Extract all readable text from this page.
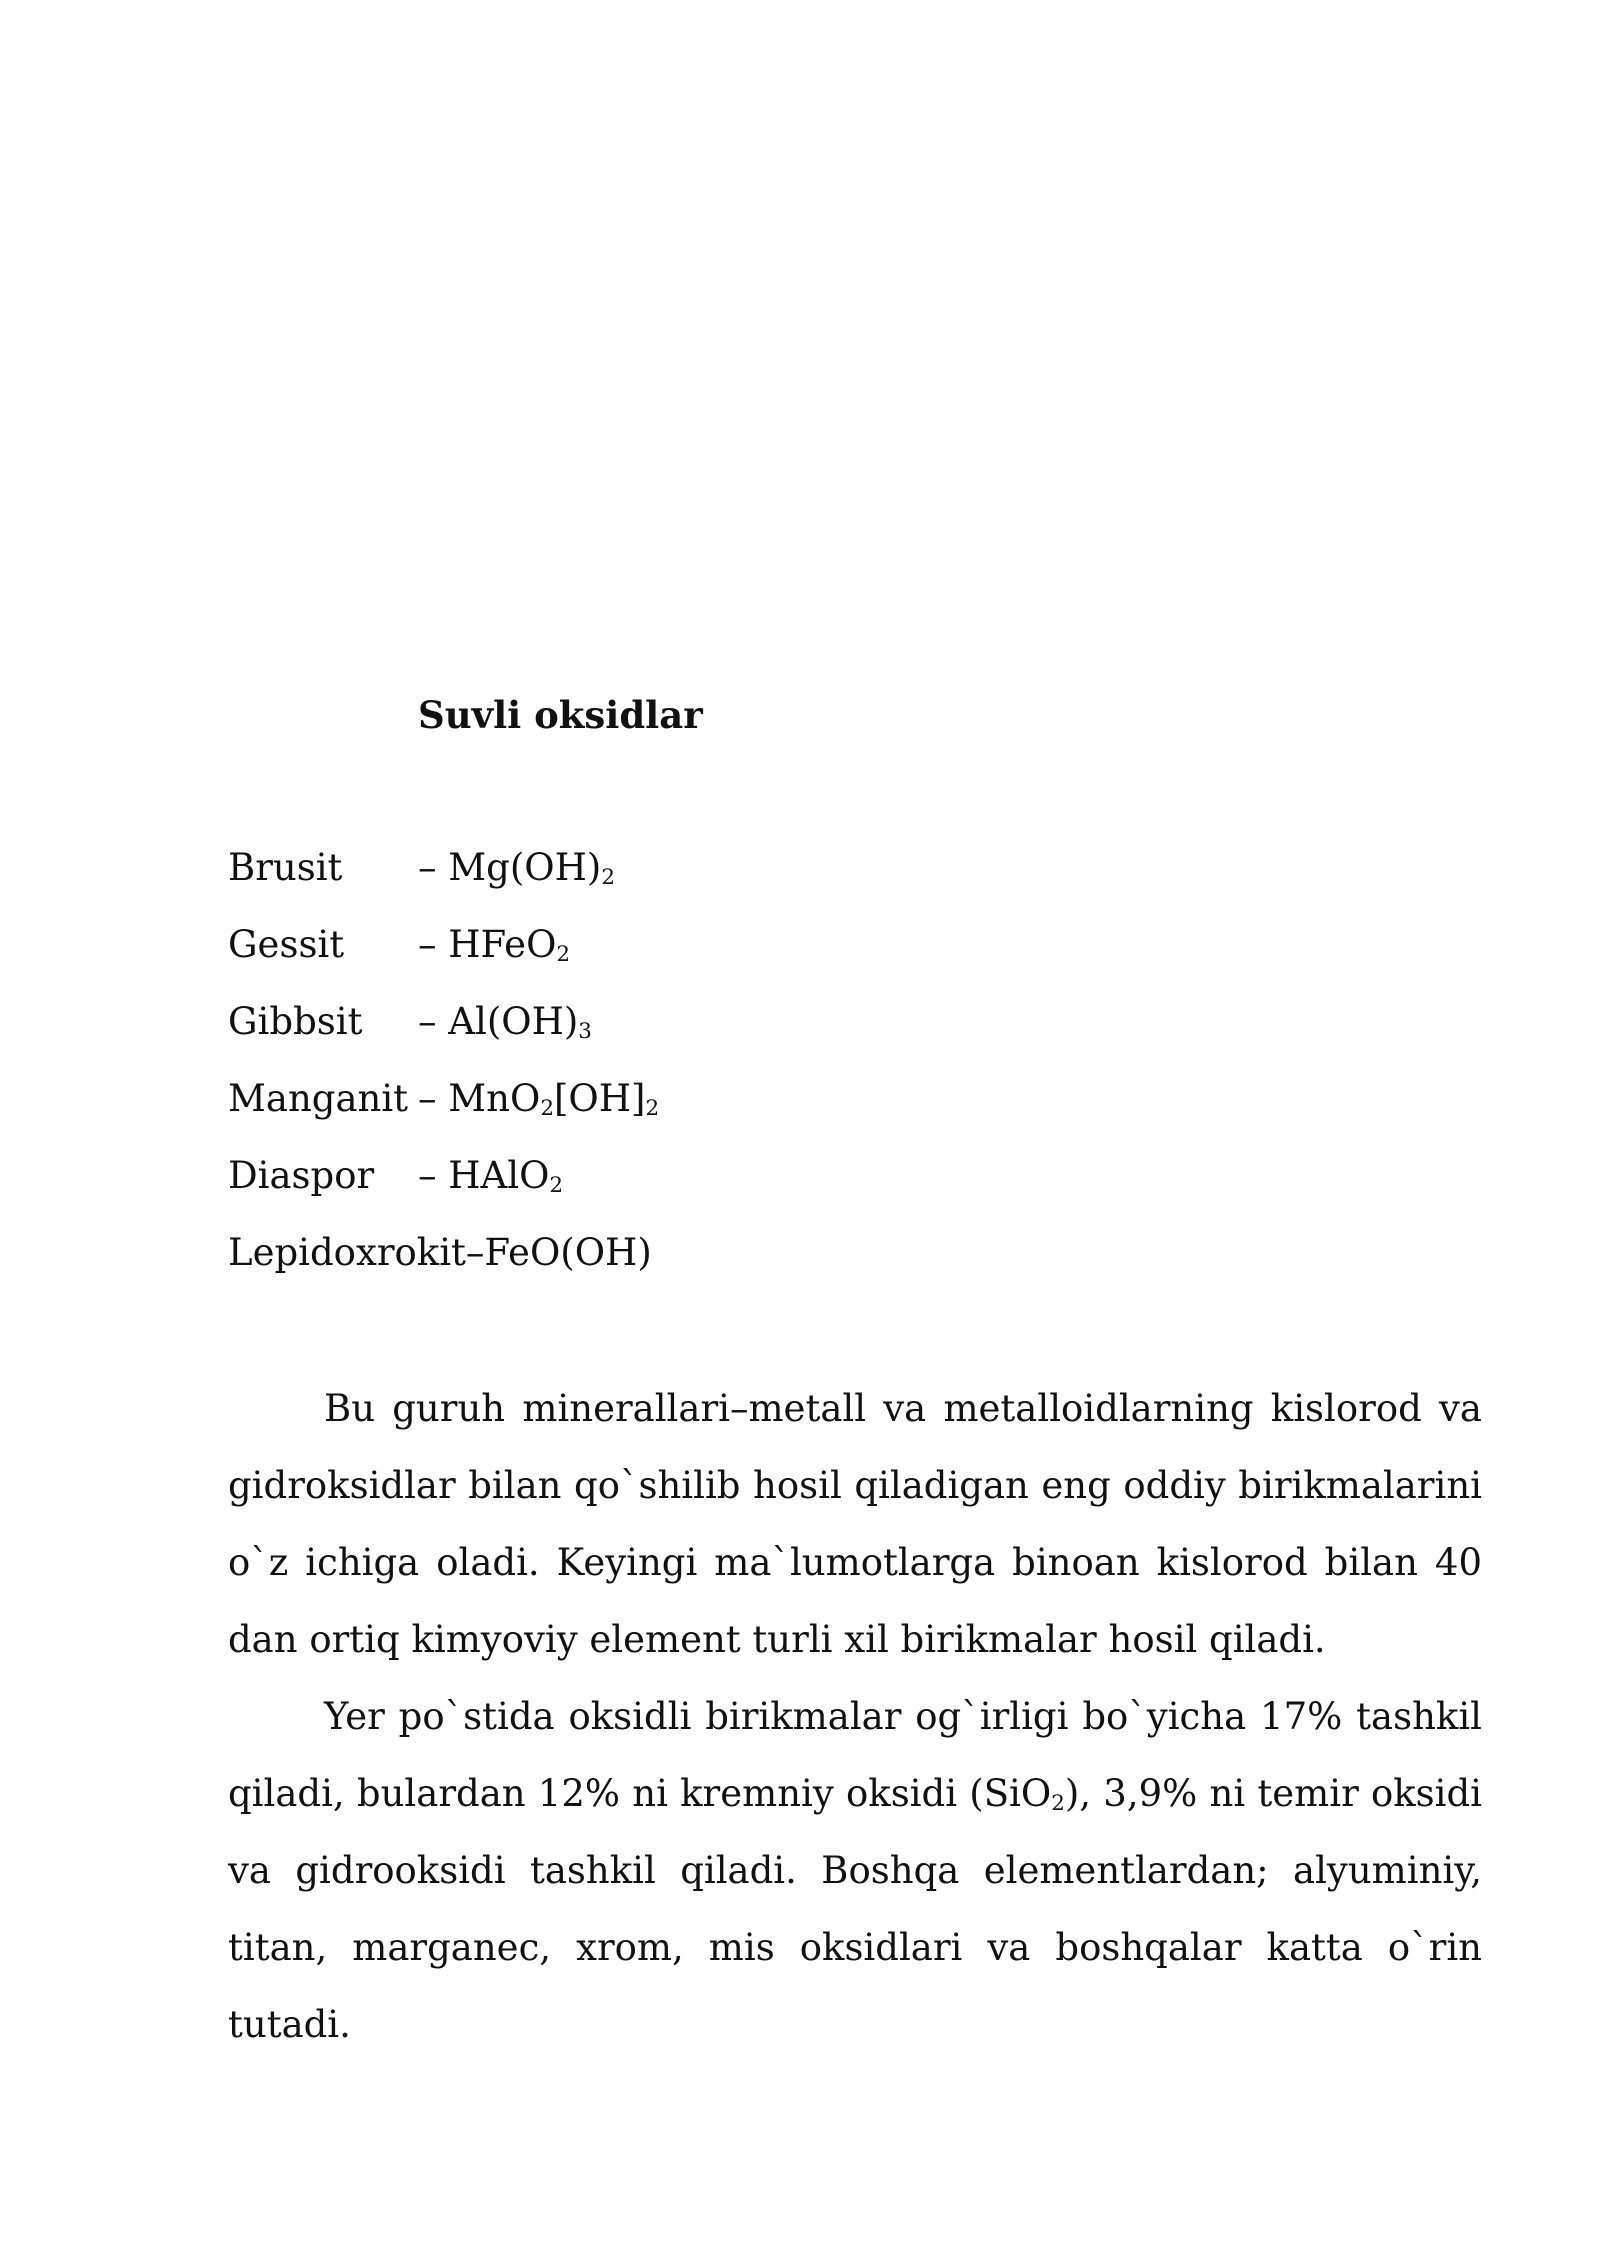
Suvli oksidlar
Brusit – $Mg(OH)_2$
Gessit – HFeO$_2$
Gibbsit – $Al(OH)_3$
Manganit – $MnO_2[OH]_2$
Diaspor – HAlO$_2$
Lepidoxrokit–FeO(OH)

Bu guruh minerallari–metall va metalloidlarning kislorod va gidroksidlar bilan qo`shilib hosil qiladigan eng oddiy birikmalarini o`z ichiga oladi. Keyingi ma`lumotlarga binoan kislorod bilan 40 dan ortiq kimyoviy element turli xil birikmalar hosil qiladi.

Yer po`stida oksidli birikmalar og`irligi bo`yicha 17% tashkil qiladi, bulardan 12% ni kremniy oksidi (SiO$_2$), 3,9% ni temir oksidi va gidrooksidi tashkil qiladi. Boshqa elementlardan; alyuminiy, titan, marganec, xrom, mis oksidlari va boshqalar katta o`rin tutadi.
